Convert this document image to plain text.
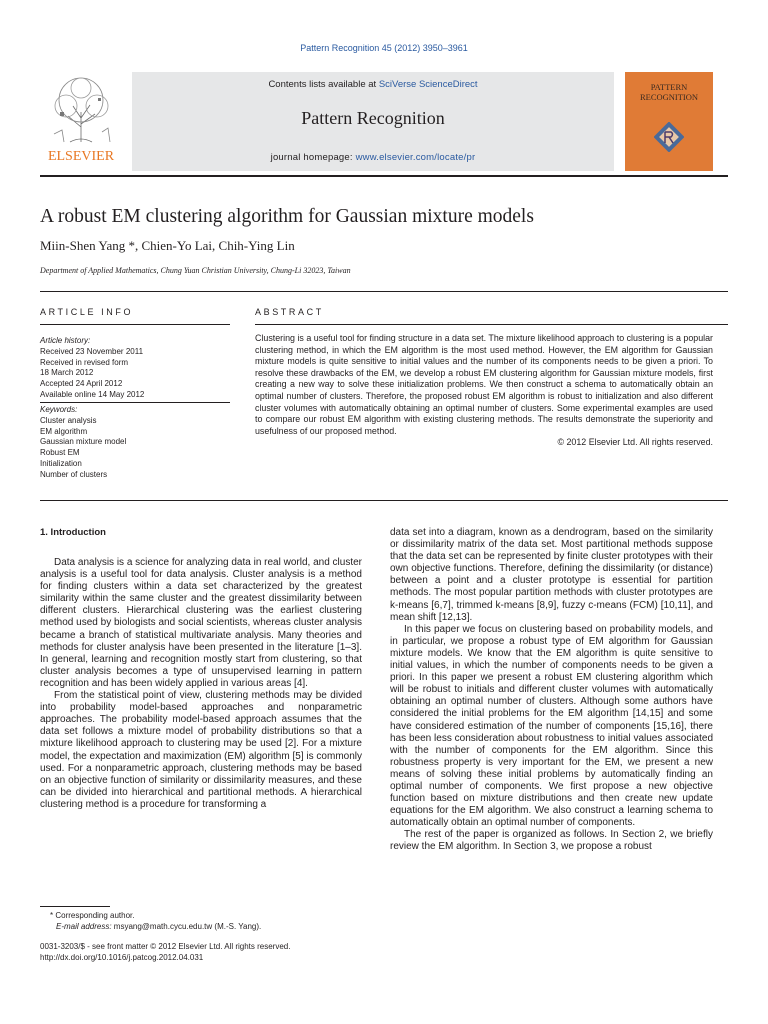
Pattern Recognition 45 (2012) 3950–3961
ELSEVIER
Contents lists available at SciVerse ScienceDirect
Pattern Recognition
journal homepage: www.elsevier.com/locate/pr
PATTERN
RECOGNITION
A robust EM clustering algorithm for Gaussian mixture models
Miin-Shen Yang *, Chien-Yo Lai, Chih-Ying Lin
Department of Applied Mathematics, Chung Yuan Christian University, Chung-Li 32023, Taiwan
ARTICLE INFO	ABSTRACT
Article history:
Received 23 November 2011
Received in revised form
18 March 2012
Accepted 24 April 2012
Available online 14 May 2012
Keywords:
Cluster analysis
EM algorithm
Gaussian mixture model
Robust EM
Initialization
Number of clusters
Clustering is a useful tool for finding structure in a data set. The mixture likelihood approach to clustering is a popular clustering method, in which the EM algorithm is the most used method. However, the EM algorithm for Gaussian mixture models is quite sensitive to initial values and the number of its components needs to be given a priori. To resolve these drawbacks of the EM, we develop a robust EM clustering algorithm for Gaussian mixture models, first creating a new way to solve these initialization problems. We then construct a schema to automatically obtain an optimal number of clusters. Therefore, the proposed robust EM algorithm is robust to initialization and also different cluster volumes with automatically obtaining an optimal number of clusters. Some experimental examples are used to compare our robust EM algorithm with existing clustering methods. The results demonstrate the superiority and usefulness of our proposed method.
© 2012 Elsevier Ltd. All rights reserved.
1. Introduction

Data analysis is a science for analyzing data in real world, and cluster analysis is a useful tool for data analysis. Cluster analysis is a method for finding clusters within a data set characterized by the greatest similarity within the same cluster and the greatest dissimilarity between different clusters. Hierarchical clustering was the earliest clustering method used by biologists and social scientists, whereas cluster analysis became a branch of statistical multivariate analysis. Many theories and methods for cluster analysis have been presented in the literature [1–3]. In general, learning and recognition mostly start from clustering, so that cluster analysis becomes a type of unsupervised learning in pattern recognition and has been widely applied in various areas [4].

From the statistical point of view, clustering methods may be divided into probability model-based approaches and nonparametric approaches. The probability model-based approach assumes that the data set follows a mixture model of probability distributions so that a mixture likelihood approach to clustering may be used [2]. For a mixture model, the expectation and maximization (EM) algorithm [5] is commonly used. For a nonparametric approach, clustering methods may be based on an objective function of similarity or dissimilarity measures, and these can be divided into hierarchical and partitional methods. A hierarchical clustering method is a procedure for transforming a

data set into a diagram, known as a dendrogram, based on the similarity or dissimilarity matrix of the data set. Most partitional methods suppose that the data set can be represented by finite cluster prototypes with their own objective functions. Therefore, defining the dissimilarity (or distance) between a point and a cluster prototype is essential for partition methods. The most popular partition methods with cluster prototypes are k-means [6,7], trimmed k-means [8,9], fuzzy c-means (FCM) [10,11], and mean shift [12,13].

In this paper we focus on clustering based on probability models, and in particular, we propose a robust type of EM algorithm for Gaussian mixture models. We know that the EM algorithm is quite sensitive to initial values, in which the number of components needs to be given a priori. In this paper we present a robust EM clustering algorithm which will be robust to initials and different cluster volumes with automatically obtaining an optimal number of clusters. Although some authors have considered the initial problems for the EM algorithm [14,15] and some have considered estimation of the number of components [15,16], there has been less consideration about robustness to initial values associated with the number of components for the EM algorithm. Since this robustness property is very important for the EM, we present a new means of solving these initial problems by automatically finding an optimal number of components. We first propose a new objective function based on mixture distributions and then create new update equations for the EM algorithm. We also construct a learning schema to automatically obtain an optimal number of components.

The rest of the paper is organized as follows. In Section 2, we briefly review the EM algorithm. In Section 3, we propose a robust

* Corresponding author.
E-mail address: msyang@math.cycu.edu.tw (M.-S. Yang).
0031-3203/$ - see front matter © 2012 Elsevier Ltd. All rights reserved.
http://dx.doi.org/10.1016/j.patcog.2012.04.031
